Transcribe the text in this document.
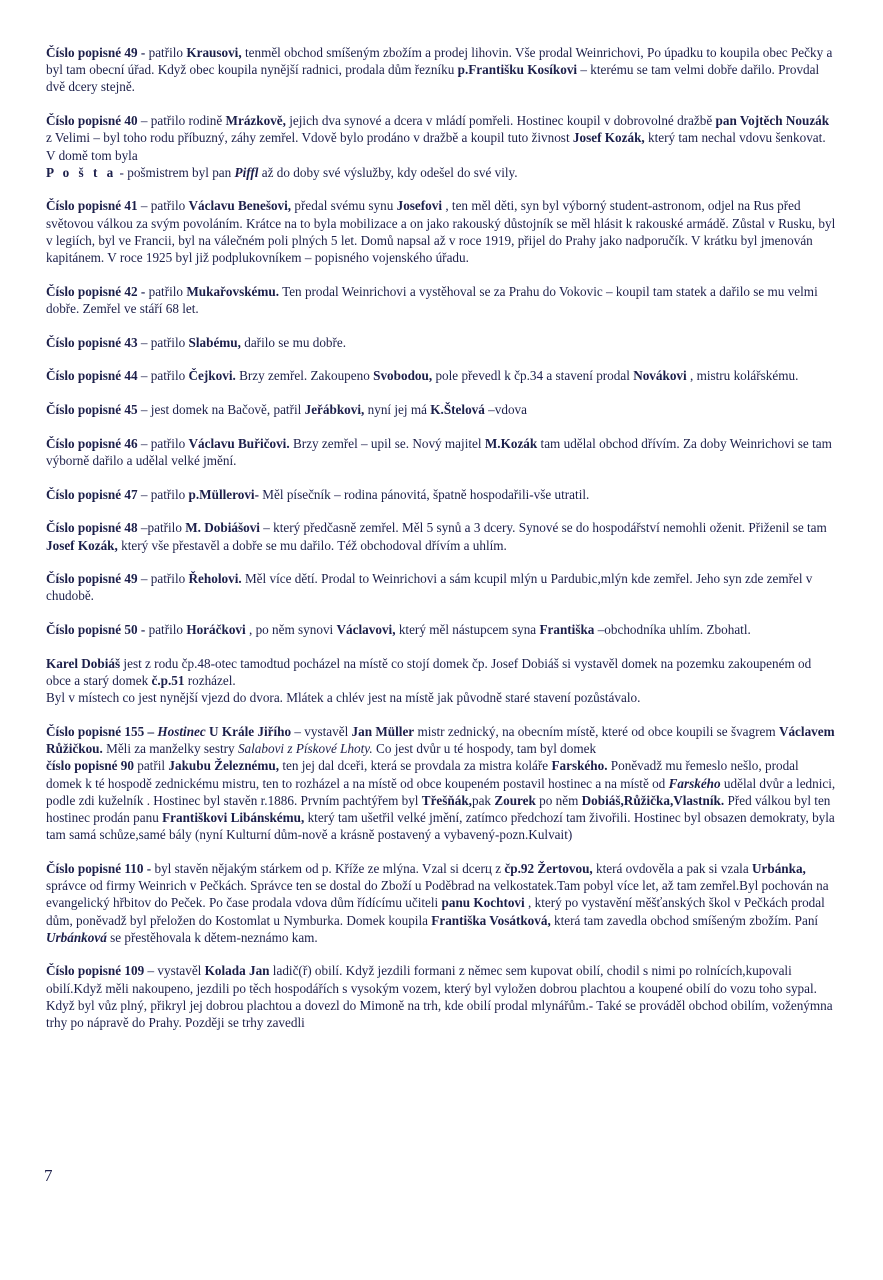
Číslo popisné 49 - patřilo Krausovi, tenměl obchod smíšeným zbožím a prodej lihovin. Vše prodal Weinrichovi, Po úpadku to koupila obec Pečky a byl tam obecní úřad. Když obec koupila nynější radnici, prodala dům řezníku p.Františku Kosíkovi – kterému se tam velmi dobře dařilo. Provdal dvě dcery stejně.

Číslo popisné 40 – patřilo rodině Mrázkově, jejich dva synové a dcera v mládí pomřeli. Hostinec koupil v dobrovolné dražbě pan Vojtěch Nouzák z Velimi – byl toho rodu příbuzný, záhy zemřel. Vdově bylo prodáno v dražbě a koupil tuto živnost Josef Kozák, který tam nechal vdovu šenkovat. V domě tom byla
P o š t a - pošmistrem byl pan Piffl až do doby své výslužby, kdy odešel do své vily.

Číslo popisné 41 – patřilo Václavu Benešovi, předal svému synu Josefovi , ten měl děti, syn byl výborný student-astronom, odjel na Rus před světovou válkou za svým povoláním. Krátce na to byla mobilizace a on jako rakouský důstojník se měl hlásit k rakouské armádě. Zůstal v Rusku, byl v legiích, byl ve Francii, byl na válečném poli plných 5 let. Domů napsal až v roce 1919, přijel do Prahy jako nadporučík. V krátku byl jmenován kapitánem. V roce 1925 byl již podplukovníkem – popisného vojenského úřadu.

Číslo popisné 42 - patřilo Mukařovskému. Ten prodal Weinrichovi a vystěhoval se za Prahu do Vokovic – koupil tam statek a dařilo se mu velmi dobře. Zemřel ve stáří 68 let.

Číslo popisné 43 – patřilo Slabému, dařilo se mu dobře.

Číslo popisné 44 – patřilo Čejkovi. Brzy zemřel. Zakoupeno Svobodou, pole převedl k čp.34 a stavení prodal Novákovi , mistru kolářskému.

Číslo popisné 45 – jest domek na Bačově, patřil Jeřábkovi, nyní jej má K.Štelová –vdova

Číslo popisné 46 – patřilo Václavu Buřičovi. Brzy zemřel – upil se. Nový majitel M.Kozák tam udělal obchod dřívím. Za doby Weinrichovi se tam výborně dařilo a udělal velké jmění.

Číslo popisné 47 – patřilo p.Müllerovi- Měl písečník – rodina pánovitá, špatně hospodařili-vše utratil.

Číslo popisné 48 –patřilo M. Dobiášovi – který předčasně zemřel. Měl 5 synů a 3 dcery. Synové se do hospodářství nemohli oženit. Přiženil se tam Josef Kozák, který vše přestavěl a dobře se mu dařilo. Též obchodoval dřívím a uhlím.

Číslo popisné 49 – patřilo Řeholovi. Měl více dětí. Prodal to Weinrichovi a sám kcupil mlýn u Pardubic,mlýn kde zemřel. Jeho syn zde zemřel v chudobě.

Číslo popisné 50 - patřilo Horáčkovi , po něm synovi Václavovi, který měl nástupcem syna Františka –obchodníka uhlím. Zbohatl.

Karel Dobiáš jest z rodu čp.48-otec tamodtud pocházel na místě co stojí domek čp. Josef Dobiáš si vystavěl domek na pozemku zakoupeném od obce a starý domek č.p.51 rozházel.
Byl v místech co jest nynější vjezd do dvora. Mlátek a chlév jest na místě jak původně staré stavení pozůstávalo.

Číslo popisné 155 – Hostinec U Krále Jiřího – vystavěl Jan Müller mistr zednický, na obecním místě, které od obce koupili se švagrem Václavem Růžičkou. Měli za manželky sestry Salabovi z Pískové Lhoty. Co jest dvůr u té hospody, tam byl domek
číslo popisné 90 patřil Jakubu Železnému, ten jej dal dceři, která se provdala za mistra koláře Farského. Poněvadž mu řemeslo nešlo, prodal domek k té hospodě zednickému mistru, ten to rozházel a na místě od obce koupeném postavil hostinec a na místě od Farského udělal dvůr a lednici, podle zdi kuželník . Hostinec byl stavěn r.1886. Prvním pachtýřem byl Třešňák,pak Zourek po něm Dobiáš,Růžička,Vlastník. Před válkou byl ten hostinec prodán panu Františkovi Libánskému, který tam ušetřil velké jmění, zatímco předchozí tam živořili. Hostinec byl obsazen demokraty, byla tam samá schůze,samé bály (nyní Kulturní dům-nově a krásně postavený a vybavený-pozn.Kulvait)

Číslo popisné 110 - byl stavěn nějakým stárkem od p. Kříže ze mlýna. Vzal si dcerц z čp.92 Žertovou, která ovdověla a pak si vzala Urbánka, správce od firmy Weinrich v Pečkách. Správce ten se dostal do Zboží u Poděbrad na velkostatek.Tam pobyl více let, až tam zemřel.Byl pochován na evangelický hřbitov do Peček. Po čase prodala vdova dům řídícímu učiteli panu Kochtovi , který po vystavění měšťanských škol v Pečkách prodal dům, poněvadž byl přeložen do Kostomlat u Nymburka. Domek koupila Františka Vosátková, která tam zavedla obchod smíšeným zbožím. Paní Urbánková se přestěhovala k dětem-neznámo kam.

Číslo popisné 109 – vystavěl Kolada Jan ladič(ř) obilí. Když jezdili formani z němec sem kupovat obilí, chodil s nimi po rolnících,kupovali obilí.Když měli nakoupeno, jezdili po těch hospodářích s vysokým vozem, který byl vyložen dobrou plachtou a koupené obilí do vozu toho sypal. Když byl vůz plný, přikryl jej dobrou plachtou a dovezl do Mimoně na trh, kde obilí prodal mlynářům.- Také se prováděl obchod obilím, voženýmna trhy po nápravě do Prahy. Později se trhy zavedli

7
